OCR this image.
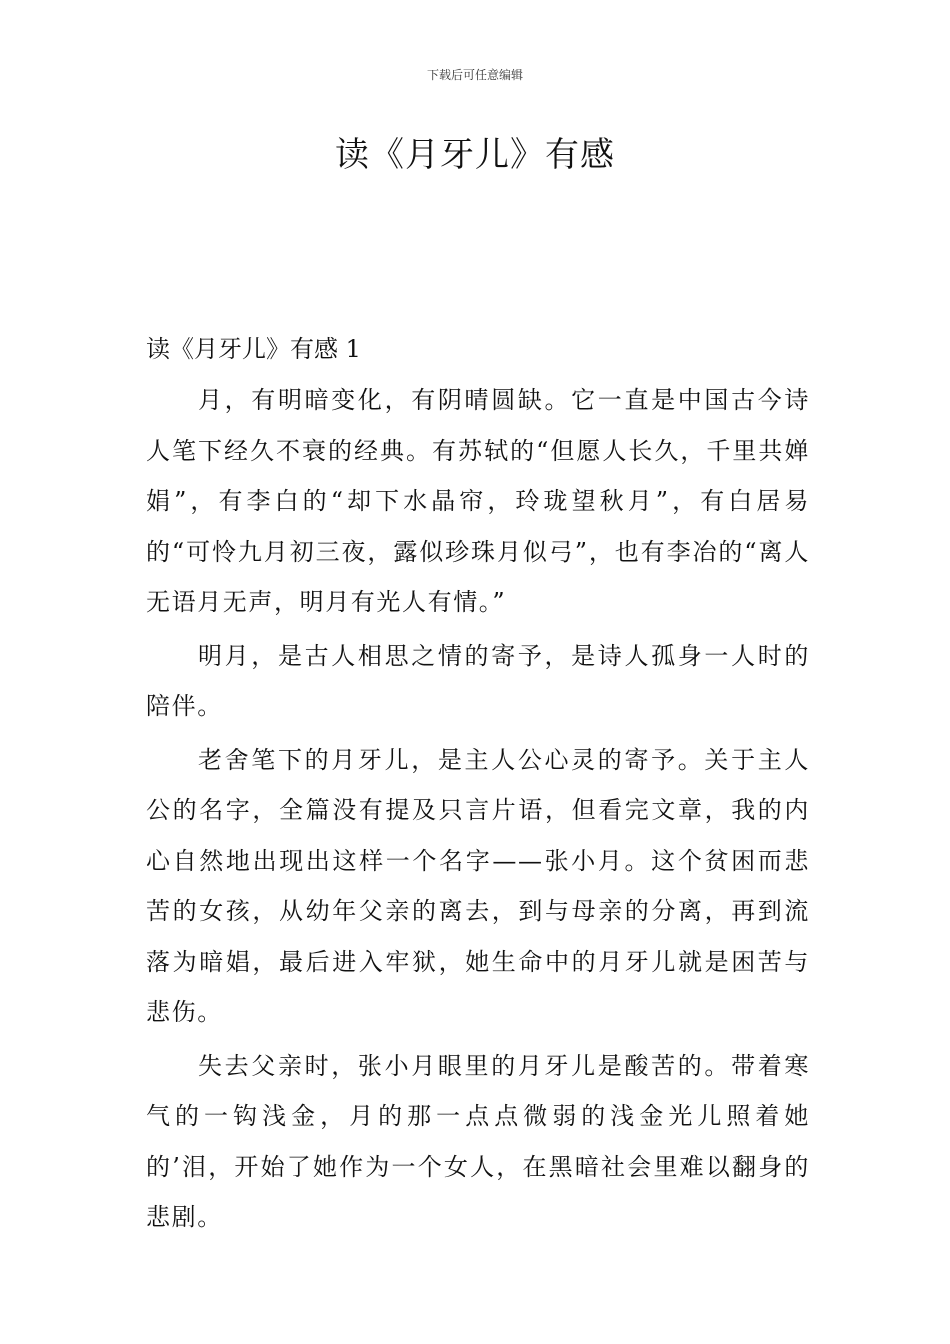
下载后可任意编辑
读《月牙儿》有感
读《月牙儿》有感 1

月，有明暗变化，有阴晴圆缺。它一直是中国古今诗人笔下经久不衰的经典。有苏轼的“但愿人长久，千里共婵娟”，有李白的“却下水晶帘，玲珑望秋月”，有白居易的“可怜九月初三夜，露似珍珠月似弓”，也有李冶的“离人无语月无声，明月有光人有情。”

明月，是古人相思之情的寄予，是诗人孤身一人时的陪伴。

老舍笔下的月牙儿，是主人公心灵的寄予。关于主人公的名字，全篇没有提及只言片语，但看完文章，我的内心自然地出现出这样一个名字——张小月。这个贫困而悲苦的女孩，从幼年父亲的离去，到与母亲的分离，再到流落为暗娼，最后进入牢狱，她生命中的月牙儿就是困苦与悲伤。

失去父亲时，张小月眼里的月牙儿是酸苦的。带着寒气的一钩浅金，月的那一点点微弱的浅金光儿照着她的’泪，开始了她作为一个女人，在黑暗社会里难以翻身的悲剧。
